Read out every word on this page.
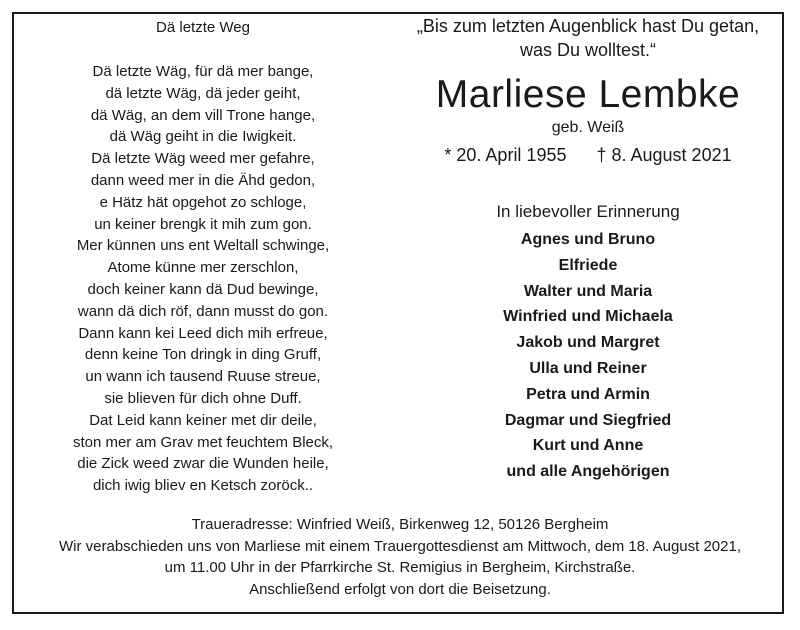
Dä letzte Weg

Dä letzte Wäg, für dä mer bange,
dä letzte Wäg, dä jeder geiht,
dä Wäg, an dem vill Trone hange,
dä Wäg geiht in die Iwigkeit.
Dä letzte Wäg weed mer gefahre,
dann weed mer in die Ähd gedon,
e Hätz hät opgehot zo schloge,
un keiner brengk it mih zum gon.
Mer künnen uns ent Weltall schwinge,
Atome künne mer zerschlon,
doch keiner kann dä Dud bewinge,
wann dä dich röf, dann musst do gon.
Dann kann kei Leed dich mih erfreue,
denn keine Ton dringk in ding Gruff,
un wann ich tausend Ruuse streue,
sie blieven für dich ohne Duff.
Dat Leid kann keiner met dir deile,
ston mer am Grav met feuchtem Bleck,
die Zick weed zwar die Wunden heile,
dich iwig bliev en Ketsch zoröck..

„Bis zum letzten Augenblick hast Du getan,

was Du wolltest.“

Marliese Lembke

geb. Weiß

* 20. April 1955 † 8. August 2021

In liebevoller Erinnerung

Agnes und Bruno
Elfriede
Walter und Maria
Winfried und Michaela
Jakob und Margret
Ulla und Reiner
Petra und Armin
Dagmar und Siegfried
Kurt und Anne
und alle Angehörigen

Traueradresse: Winfried Weiß, Birkenweg 12, 50126 Bergheim

Wir verabschieden uns von Marliese mit einem Trauergottesdienst am Mittwoch, dem 18. August 2021,

um 11.00 Uhr in der Pfarrkirche St. Remigius in Bergheim, Kirchstraße.

Anschließend erfolgt von dort die Beisetzung.
